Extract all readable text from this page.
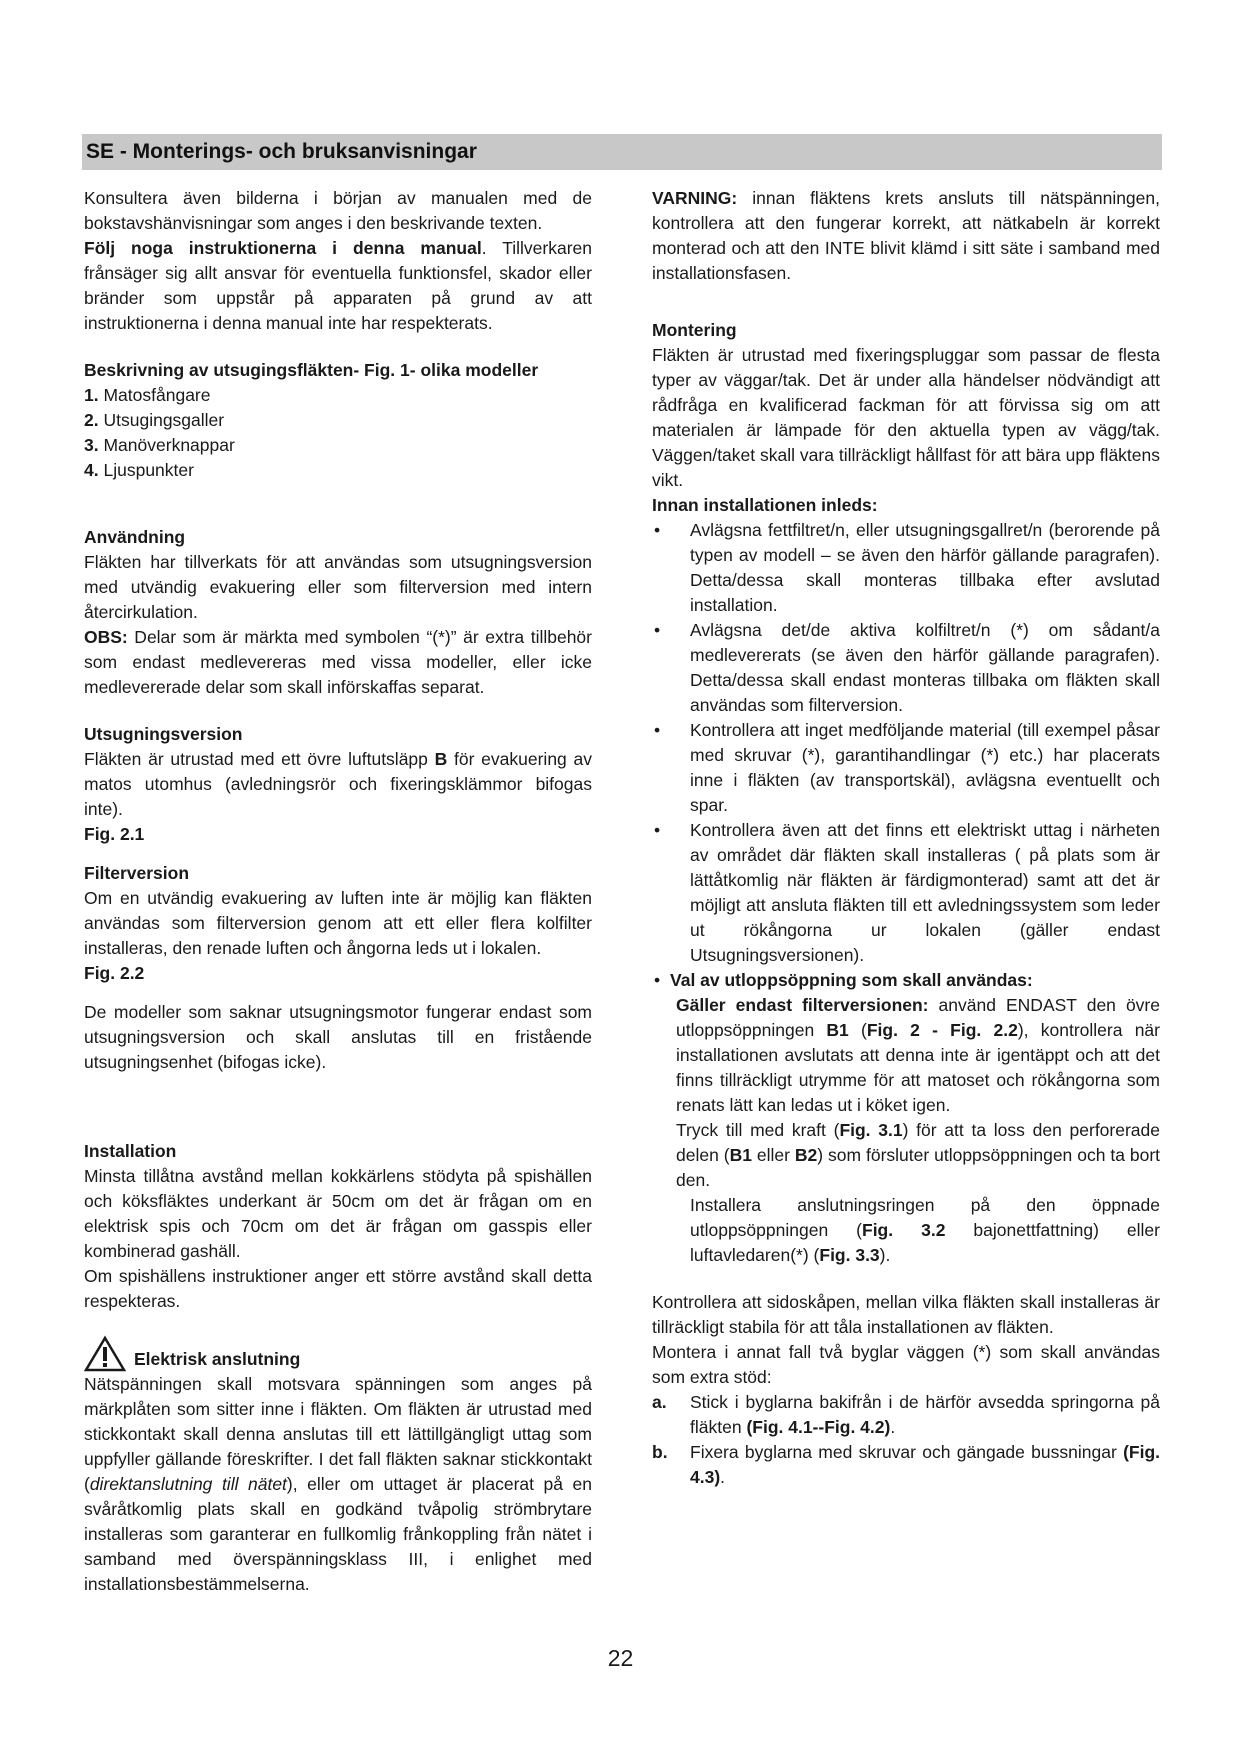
SE - Monterings- och bruksanvisningar

Konsultera även bilderna i början av manualen med de bokstavshänvisningar som anges i den beskrivande texten.

Följ noga instruktionerna i denna manual. Tillverkaren frånsäger sig allt ansvar för eventuella funktionsfel, skador eller bränder som uppstår på apparaten på grund av att instruktionerna i denna manual inte har respekterats.

Beskrivning av utsugingsfläkten- Fig. 1- olika modeller

1. Matosfångare
2. Utsugingsgaller
3. Manöverknappar
4. Ljuspunkter

Användning

Fläkten har tillverkats för att användas som utsugningsversion med utvändig evakuering eller som filterversion med intern återcirkulation.

OBS: Delar som är märkta med symbolen “(*)” är extra tillbehör som endast medlevereras med vissa modeller, eller icke medlevererade delar som skall införskaffas separat.

Utsugningsversion

Fläkten är utrustad med ett övre luftutsläpp B för evakuering av matos utomhus (avledningsrör och fixeringsklämmor bifogas inte).

Fig. 2.1

Filterversion

Om en utvändig evakuering av luften inte är möjlig kan fläkten användas som filterversion genom att ett eller flera kolfilter installeras, den renade luften och ångorna leds ut i lokalen.

Fig. 2.2

De modeller som saknar utsugningsmotor fungerar endast som utsugningsversion och skall anslutas till en fristående utsugningsenhet (bifogas icke).

Installation

Minsta tillåtna avstånd mellan kokkärlens stödyta på spishällen och köksfläktes underkant är 50cm om det är frågan om en elektrisk spis och 70cm om det är frågan om gasspis eller kombinerad gashäll.

Om spishällens instruktioner anger ett större avstånd skall detta respekteras.

Elektrisk anslutning

Nätspänningen skall motsvara spänningen som anges på märkplåten som sitter inne i fläkten. Om fläkten är utrustad med stickkontakt skall denna anslutas till ett lättillgängligt uttag som uppfyller gällande föreskrifter. I det fall fläkten saknar stickkontakt (direktanslutning till nätet), eller om uttaget är placerat på en svåråtkomlig plats skall en godkänd tvåpolig strömbrytare installeras som garanterar en fullkomlig frånkoppling från nätet i samband med överspänningsklass III, i enlighet med installationsbestämmelserna.

VARNING: innan fläktens krets ansluts till nätspänningen, kontrollera att den fungerar korrekt, att nätkabeln är korrekt monterad och att den INTE blivit klämd i sitt säte i samband med installationsfasen.

Montering

Fläkten är utrustad med fixeringspluggar som passar de flesta typer av väggar/tak. Det är under alla händelser nödvändigt att rådfråga en kvalificerad fackman för att förvissa sig om att materialen är lämpade för den aktuella typen av vägg/tak. Väggen/taket skall vara tillräckligt hållfast för att bära upp fläktens vikt.

Innan installationen inleds:

• Avlägsna fettfiltret/n, eller utsugningsgallret/n (berorende på typen av modell – se även den härför gällande paragrafen). Detta/dessa skall monteras tillbaka efter avslutad installation.
• Avlägsna det/de aktiva kolfiltret/n (*) om sådant/a medlevererats (se även den härför gällande paragrafen). Detta/dessa skall endast monteras tillbaka om fläkten skall användas som filterversion.
• Kontrollera att inget medföljande material (till exempel påsar med skruvar (*), garantihandlingar (*) etc.) har placerats inne i fläkten (av transportskäl), avlägsna eventuellt och spar.
• Kontrollera även att det finns ett elektriskt uttag i närheten av området där fläkten skall installeras ( på plats som är lättåtkomlig när fläkten är färdigmonterad) samt att det är möjligt att ansluta fläkten till ett avledningssystem som leder ut rökångorna ur lokalen (gäller endast Utsugningsversionen).
• Val av utloppsöppning som skall användas:

Gäller endast filterversionen: använd ENDAST den övre utloppsöppningen B1 (Fig. 2 - Fig. 2.2), kontrollera när installationen avslutats att denna inte är igentäppt och att det finns tillräckligt utrymme för att matoset och rökångorna som renats lätt kan ledas ut i köket igen.

Tryck till med kraft (Fig. 3.1) för att ta loss den perforerade delen (B1 eller B2) som försluter utloppsöppningen och ta bort den.

Installera anslutningsringen på den öppnade utloppsöppningen (Fig. 3.2 bajonettfattning) eller luftavledaren(*) (Fig. 3.3).

Kontrollera att sidoskåpen, mellan vilka fläkten skall installeras är tillräckligt stabila för att tåla installationen av fläkten.

Montera i annat fall två byglar väggen (*) som skall användas som extra stöd:

a. Stick i byglarna bakifrån i de härför avsedda springorna på fläkten (Fig. 4.1--Fig. 4.2).
b. Fixera byglarna med skruvar och gängade bussningar (Fig. 4.3).
22
